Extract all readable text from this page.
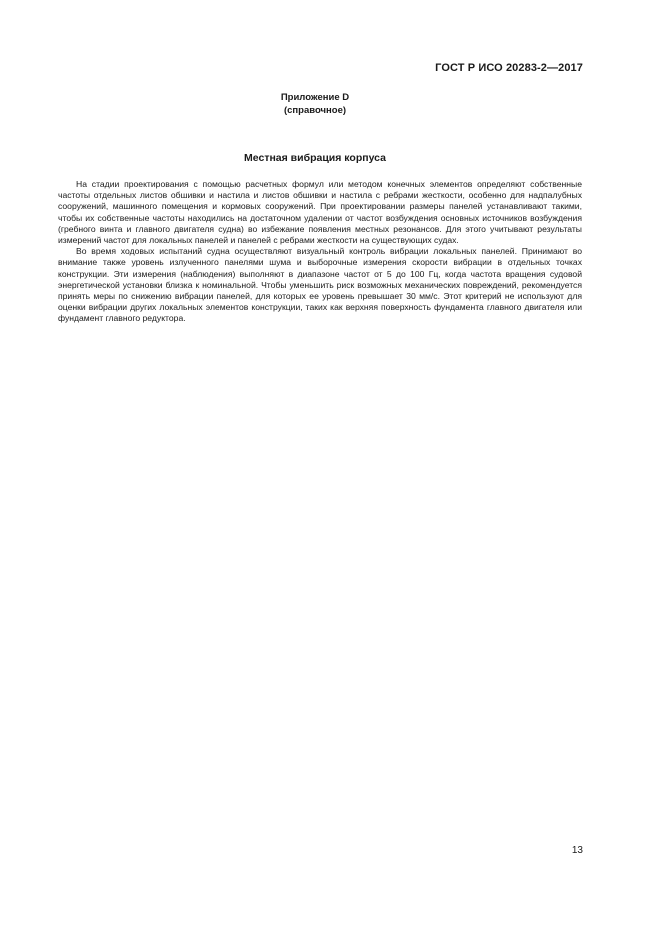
ГОСТ Р ИСО 20283-2—2017
Приложение D
(справочное)
Местная вибрация корпуса

На стадии проектирования с помощью расчетных формул или методом конечных элементов определяют собственные частоты отдельных листов обшивки и настила и листов обшивки и настила с ребрами жесткости, особенно для надпалубных сооружений, машинного помещения и кормовых сооружений. При проектировании размеры панелей устанавливают такими, чтобы их собственные частоты находились на достаточном удалении от частот возбуждения основных источников возбуждения (гребного винта и главного двигателя судна) во избежание появления местных резонансов. Для этого учитывают результаты измерений частот для локальных панелей и панелей с ребрами жесткости на существующих судах.

Во время ходовых испытаний судна осуществляют визуальный контроль вибрации локальных панелей. Принимают во внимание также уровень излученного панелями шума и выборочные измерения скорости вибрации в отдельных точках конструкции. Эти измерения (наблюдения) выполняют в диапазоне частот от 5 до 100 Гц, когда частота вращения судовой энергетической установки близка к номинальной. Чтобы уменьшить риск возможных механических повреждений, рекомендуется принять меры по снижению вибрации панелей, для которых ее уровень превышает 30 мм/с. Этот критерий не используют для оценки вибрации других локальных элементов конструкции, таких как верхняя поверхность фундамента главного двигателя или фундамент главного редуктора.

13
